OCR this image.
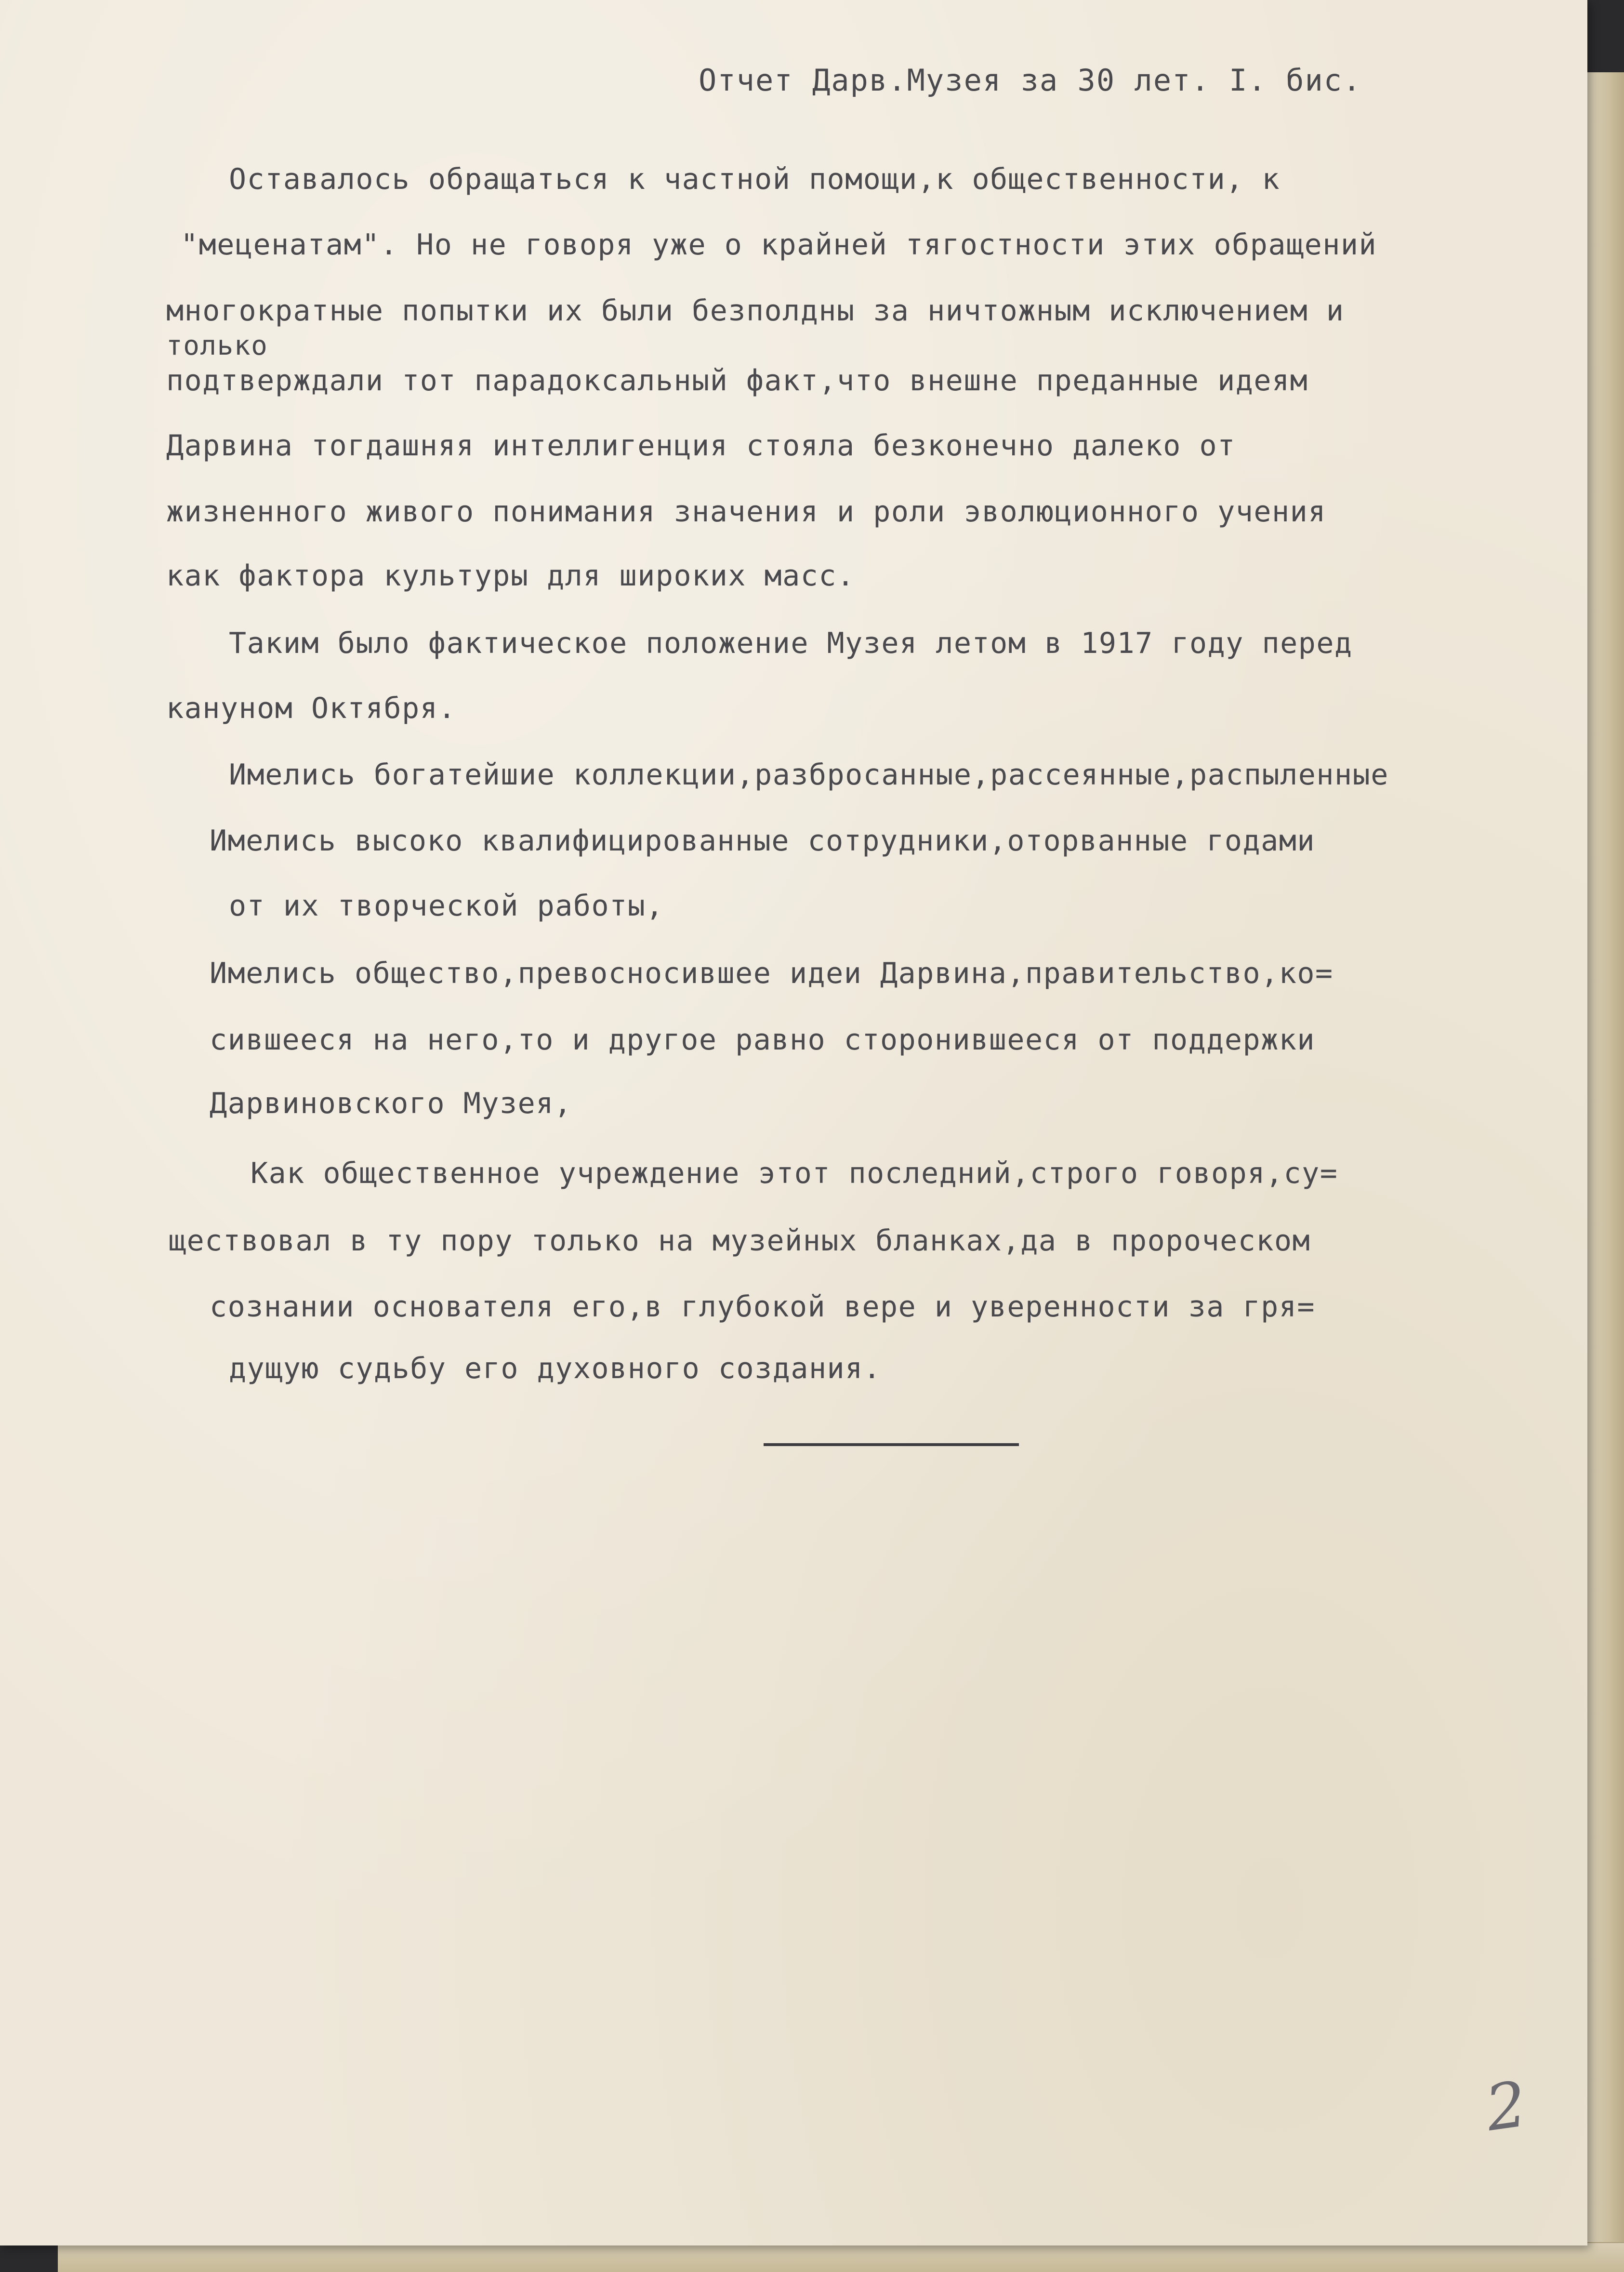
Отчет Дарв.Музея за 30 лет. I. бис.
Оставалось обращаться к частной помощи,к общественности, к
"меценатам". Но не говоря уже о крайней тягостности этих обращений
многократные попытки их были безполдны за ничтожным исключением и
только
подтверждали тот парадоксальный факт,что внешне преданные идеям
Дарвина тогдашняя интеллигенция стояла безконечно далеко от
жизненного живого понимания значения и роли эволюционного учения
как фактора культуры для широких масс.
Таким было фактическое положение Музея летом в 1917 году перед
кануном Октября.
Имелись богатейшие коллекции,разбросанные,рассеянные,распыленные
Имелись высоко квалифицированные сотрудники,оторванные годами
от их творческой работы,
Имелись общество,превосносившее идеи Дарвина,правительство,ко=
сившееся на него,то и другое равно сторонившееся от поддержки
Дарвиновского Музея,
Как общественное учреждение этот последний,строго говоря,су=
ществовал в ту пору только на музейных бланках,да в пророческом
сознании основателя его,в глубокой вере и уверенности за гря=
дущую судьбу его духовного создания.
2
